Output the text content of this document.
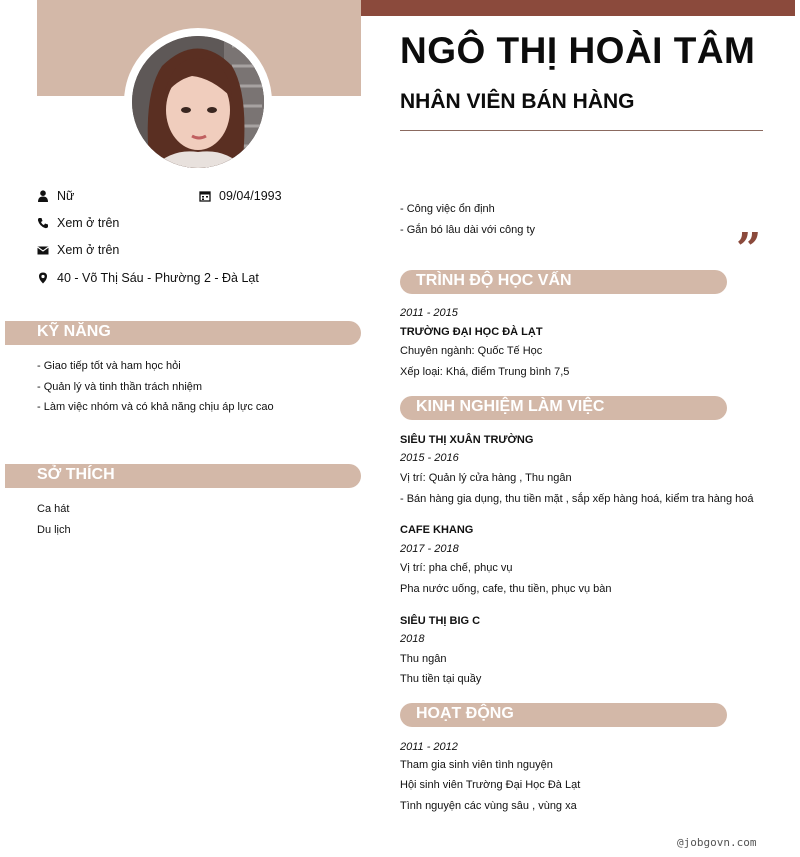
NGÔ THỊ HOÀI TÂM
NHÂN VIÊN BÁN HÀNG
Nữ	09/04/1993
Xem ở trên
Xem ở trên
40 - Võ Thị Sáu - Phường 2 - Đà Lạt
KỸ NĂNG
- Giao tiếp tốt và ham học hỏi
- Quản lý và tinh thần trách nhiệm
- Làm việc nhóm và có khả năng chịu áp lực cao
SỞ THÍCH
Ca hát
Du lịch
- Công việc ổn định
- Gắn bó lâu dài với công ty	”
TRÌNH ĐỘ HỌC VẤN
2011 - 2015
TRƯỜNG ĐẠI HỌC ĐÀ LẠT
Chuyên ngành: Quốc Tế Học
Xếp loại: Khá, điểm Trung bình 7,5
KINH NGHIỆM LÀM VIỆC
SIÊU THỊ XUÂN TRƯỜNG
2015 - 2016
Vị trí: Quản lý cửa hàng , Thu ngân
- Bán hàng gia dụng, thu tiền mặt , sắp xếp hàng hoá, kiểm tra hàng hoá
CAFE KHANG
2017 - 2018
Vị trí: pha chế, phục vụ
Pha nước uống, cafe, thu tiền, phục vụ bàn
SIÊU THỊ BIG C
2018
Thu ngân
Thu tiền tại quầy
HOẠT ĐỘNG
2011 - 2012
Tham gia sinh viên tình nguyện
Hội sinh viên Trường Đại Học Đà Lạt
Tình nguyện các vùng sâu , vùng xa
@jobgovn.com
